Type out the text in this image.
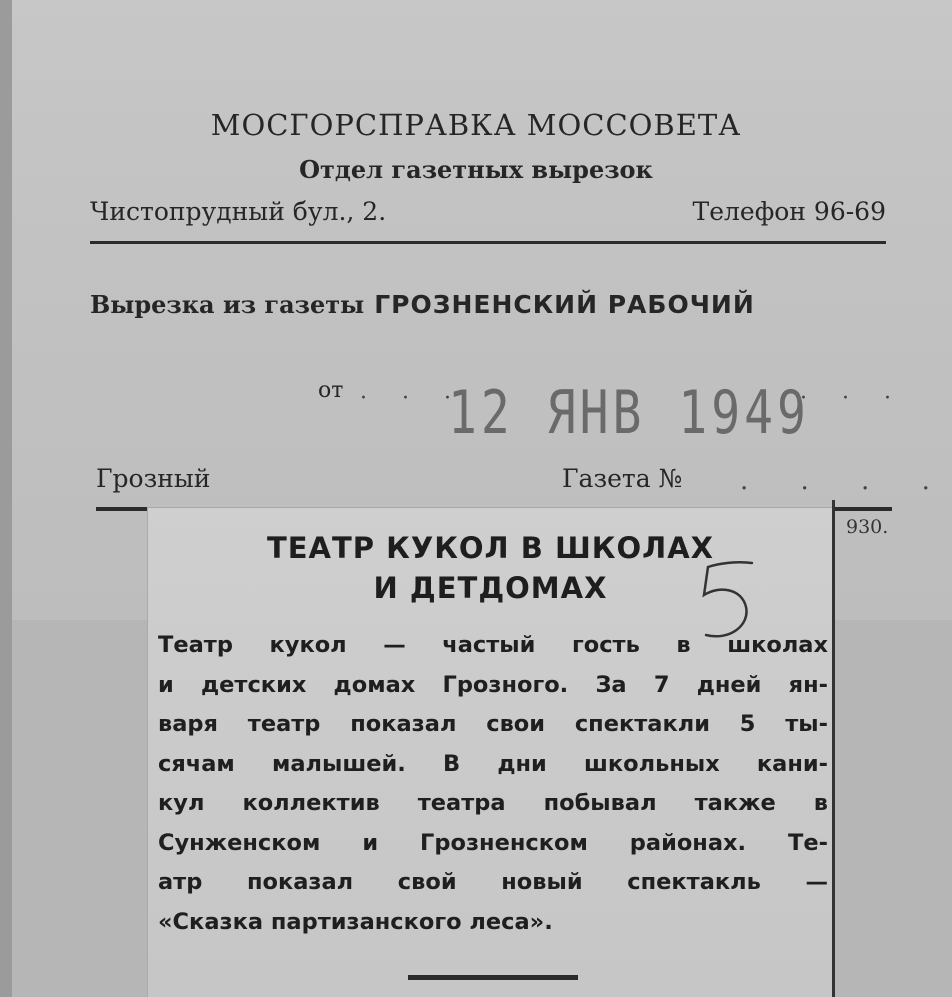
МОСГОРСПРАВКА МОССОВЕТА
Отдел газетных вырезок
Чистопрудный бул., 2.	Телефон 96-69
Вырезка из газеты ГРОЗНЕНСКИЙ РАБОЧИЙ
от · · ·
12 ЯНВ 1949
· · ·
Грозный	Газета № . . . .
930.
ТЕАТР КУКОЛ В ШКОЛАХ
И ДЕТДОМАХ
Театр кукол — частый гость в школах
и детских домах Грозного. За 7 дней ян-
варя театр показал свои спектакли 5 ты-
сячам малышей. В дни школьных кани-
кул коллектив театра побывал также в
Сунженском и Грозненском районах. Те-
атр показал свой новый спектакль —
«Сказка партизанского леса».
